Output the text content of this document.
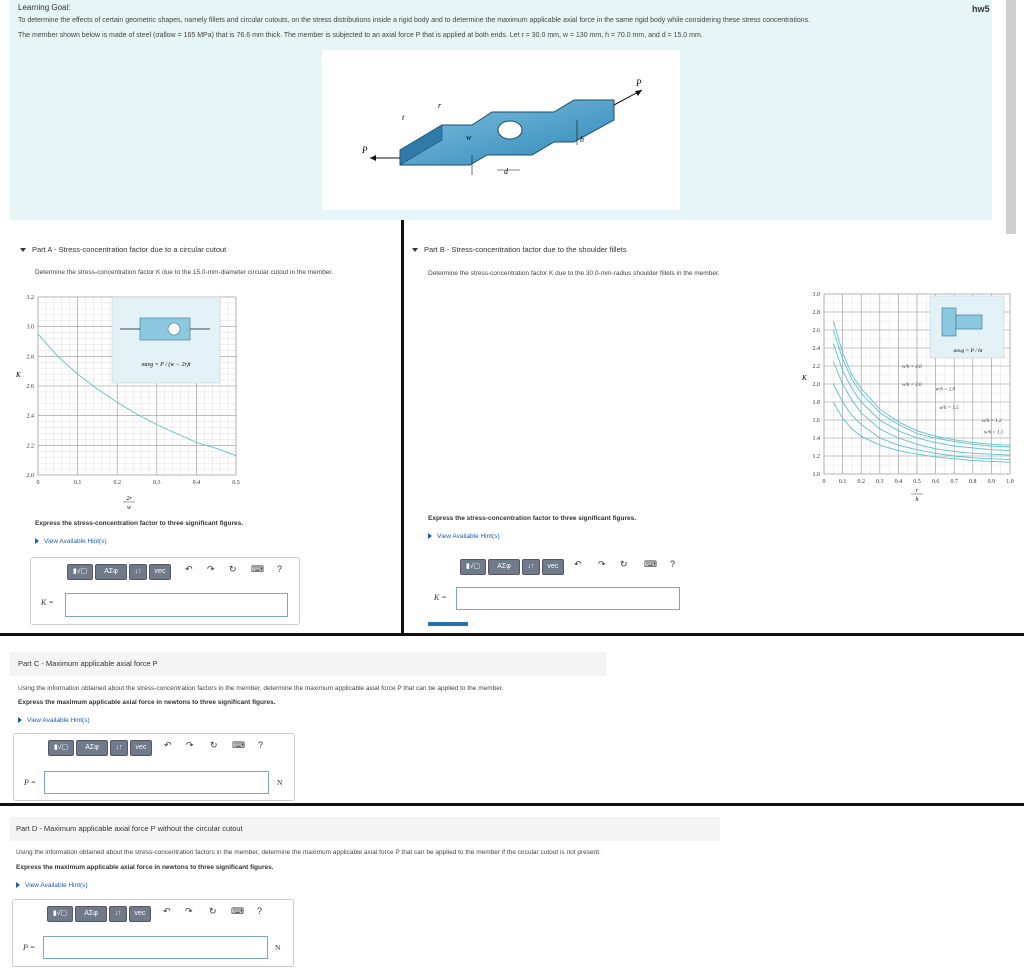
Learning Goal:
To determine the effects of certain geometric shapes, namely fillets and circular cutouts, on the stress distributions inside a rigid body and to determine the maximum applicable axial force in the same rigid body while considering these stress concentrations.
The member shown below is made of steel (σallow = 165 MPa) that is 76.6 mm thick. The member is subjected to an axial force P that is applied at both ends. Let r = 30.0 mm, w = 130 mm, h = 70.0 mm, and d = 15.0 mm.
hw5
P
t
r
w
d
h
P
Part A - Stress-concentration factor due to a circular cutout
Determine the stress-concentration factor K due to the 15.0-mm-diameter circular cutout in the member.
0	0.1	0.2	0.3	0.4	0.5
2.0
2.2
2.4
2.6
2.8
3.0
3.2
K
2r
w
σavg = P / (w − 2r)t
Express the stress-concentration factor to three significant figures.
View Available Hint(s)
▮√▢	AΣφ	↓↑	vec	↶ ↷ ↻ ⌨ ?
K =
Part B - Stress-concentration factor due to the shoulder fillets
Determine the stress-concentration factor K due to the 30.0-mm-radius shoulder fillets in the member.
0 0.1 0.2 0.3 0.4 0.5 0.6 0.7 0.8 0.9 1.0
1.0
1.2
1.4
1.6
1.8
2.0
2.2
2.4
2.6
2.8
3.0
K
r
h
σavg = P / ht
w/h = 4.0
w/h = 3.0
w/h = 2.0
w/h = 1.5
w/h = 1.2
w/h = 1.1
Express the stress-concentration factor to three significant figures.
View Available Hint(s)
▮√▢	AΣφ	↓↑	vec	↶ ↷ ↻ ⌨ ?
K =
Part C - Maximum applicable axial force P
Using the information obtained about the stress-concentration factors in the member, determine the maximum applicable axial force P that can be applied to the member.
Express the maximum applicable axial force in newtons to three significant figures.
View Available Hint(s)
▮√▢	AΣφ	↓↑	vec	↶ ↷ ↻ ⌨ ?
P =	N
Part D - Maximum applicable axial force P without the circular cutout
Using the information obtained about the stress-concentration factors in the member, determine the maximum applicable axial force P that can be applied to the member if the circular cutout is not present.
Express the maximum applicable axial force in newtons to three significant figures.
View Available Hint(s)
▮√▢	AΣφ	↓↑	vec	↶ ↷ ↻ ⌨ ?
P =	N
